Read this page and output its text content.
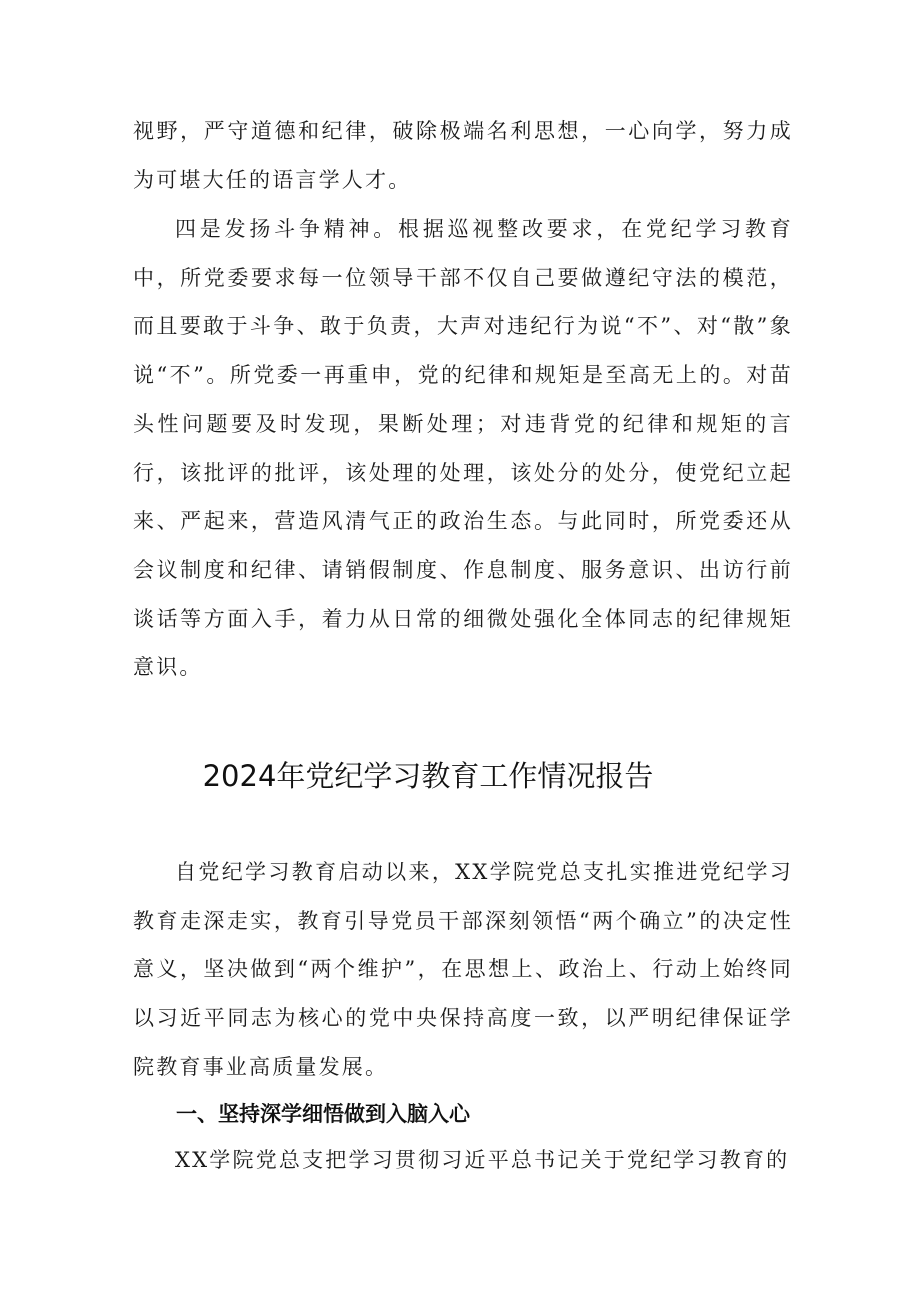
视野，严守道德和纪律，破除极端名利思想，一心向学，努力成为可堪大任的语言学人才。

四是发扬斗争精神。根据巡视整改要求，在党纪学习教育中，所党委要求每一位领导干部不仅自己要做遵纪守法的模范，而且要敢于斗争、敢于负责，大声对违纪行为说“不”、对“散”象说“不”。所党委一再重申，党的纪律和规矩是至高无上的。对苗头性问题要及时发现，果断处理；对违背党的纪律和规矩的言行，该批评的批评，该处理的处理，该处分的处分，使党纪立起来、严起来，营造风清气正的政治生态。与此同时，所党委还从会议制度和纪律、请销假制度、作息制度、服务意识、出访行前谈话等方面入手，着力从日常的细微处强化全体同志的纪律规矩意识。

2024年党纪学习教育工作情况报告

自党纪学习教育启动以来，XX学院党总支扎实推进党纪学习教育走深走实，教育引导党员干部深刻领悟“两个确立”的决定性意义，坚决做到“两个维护”，在思想上、政治上、行动上始终同以习近平同志为核心的党中央保持高度一致，以严明纪律保证学院教育事业高质量发展。

一、坚持深学细悟做到入脑入心

XX学院党总支把学习贯彻习近平总书记关于党纪学习教育的
